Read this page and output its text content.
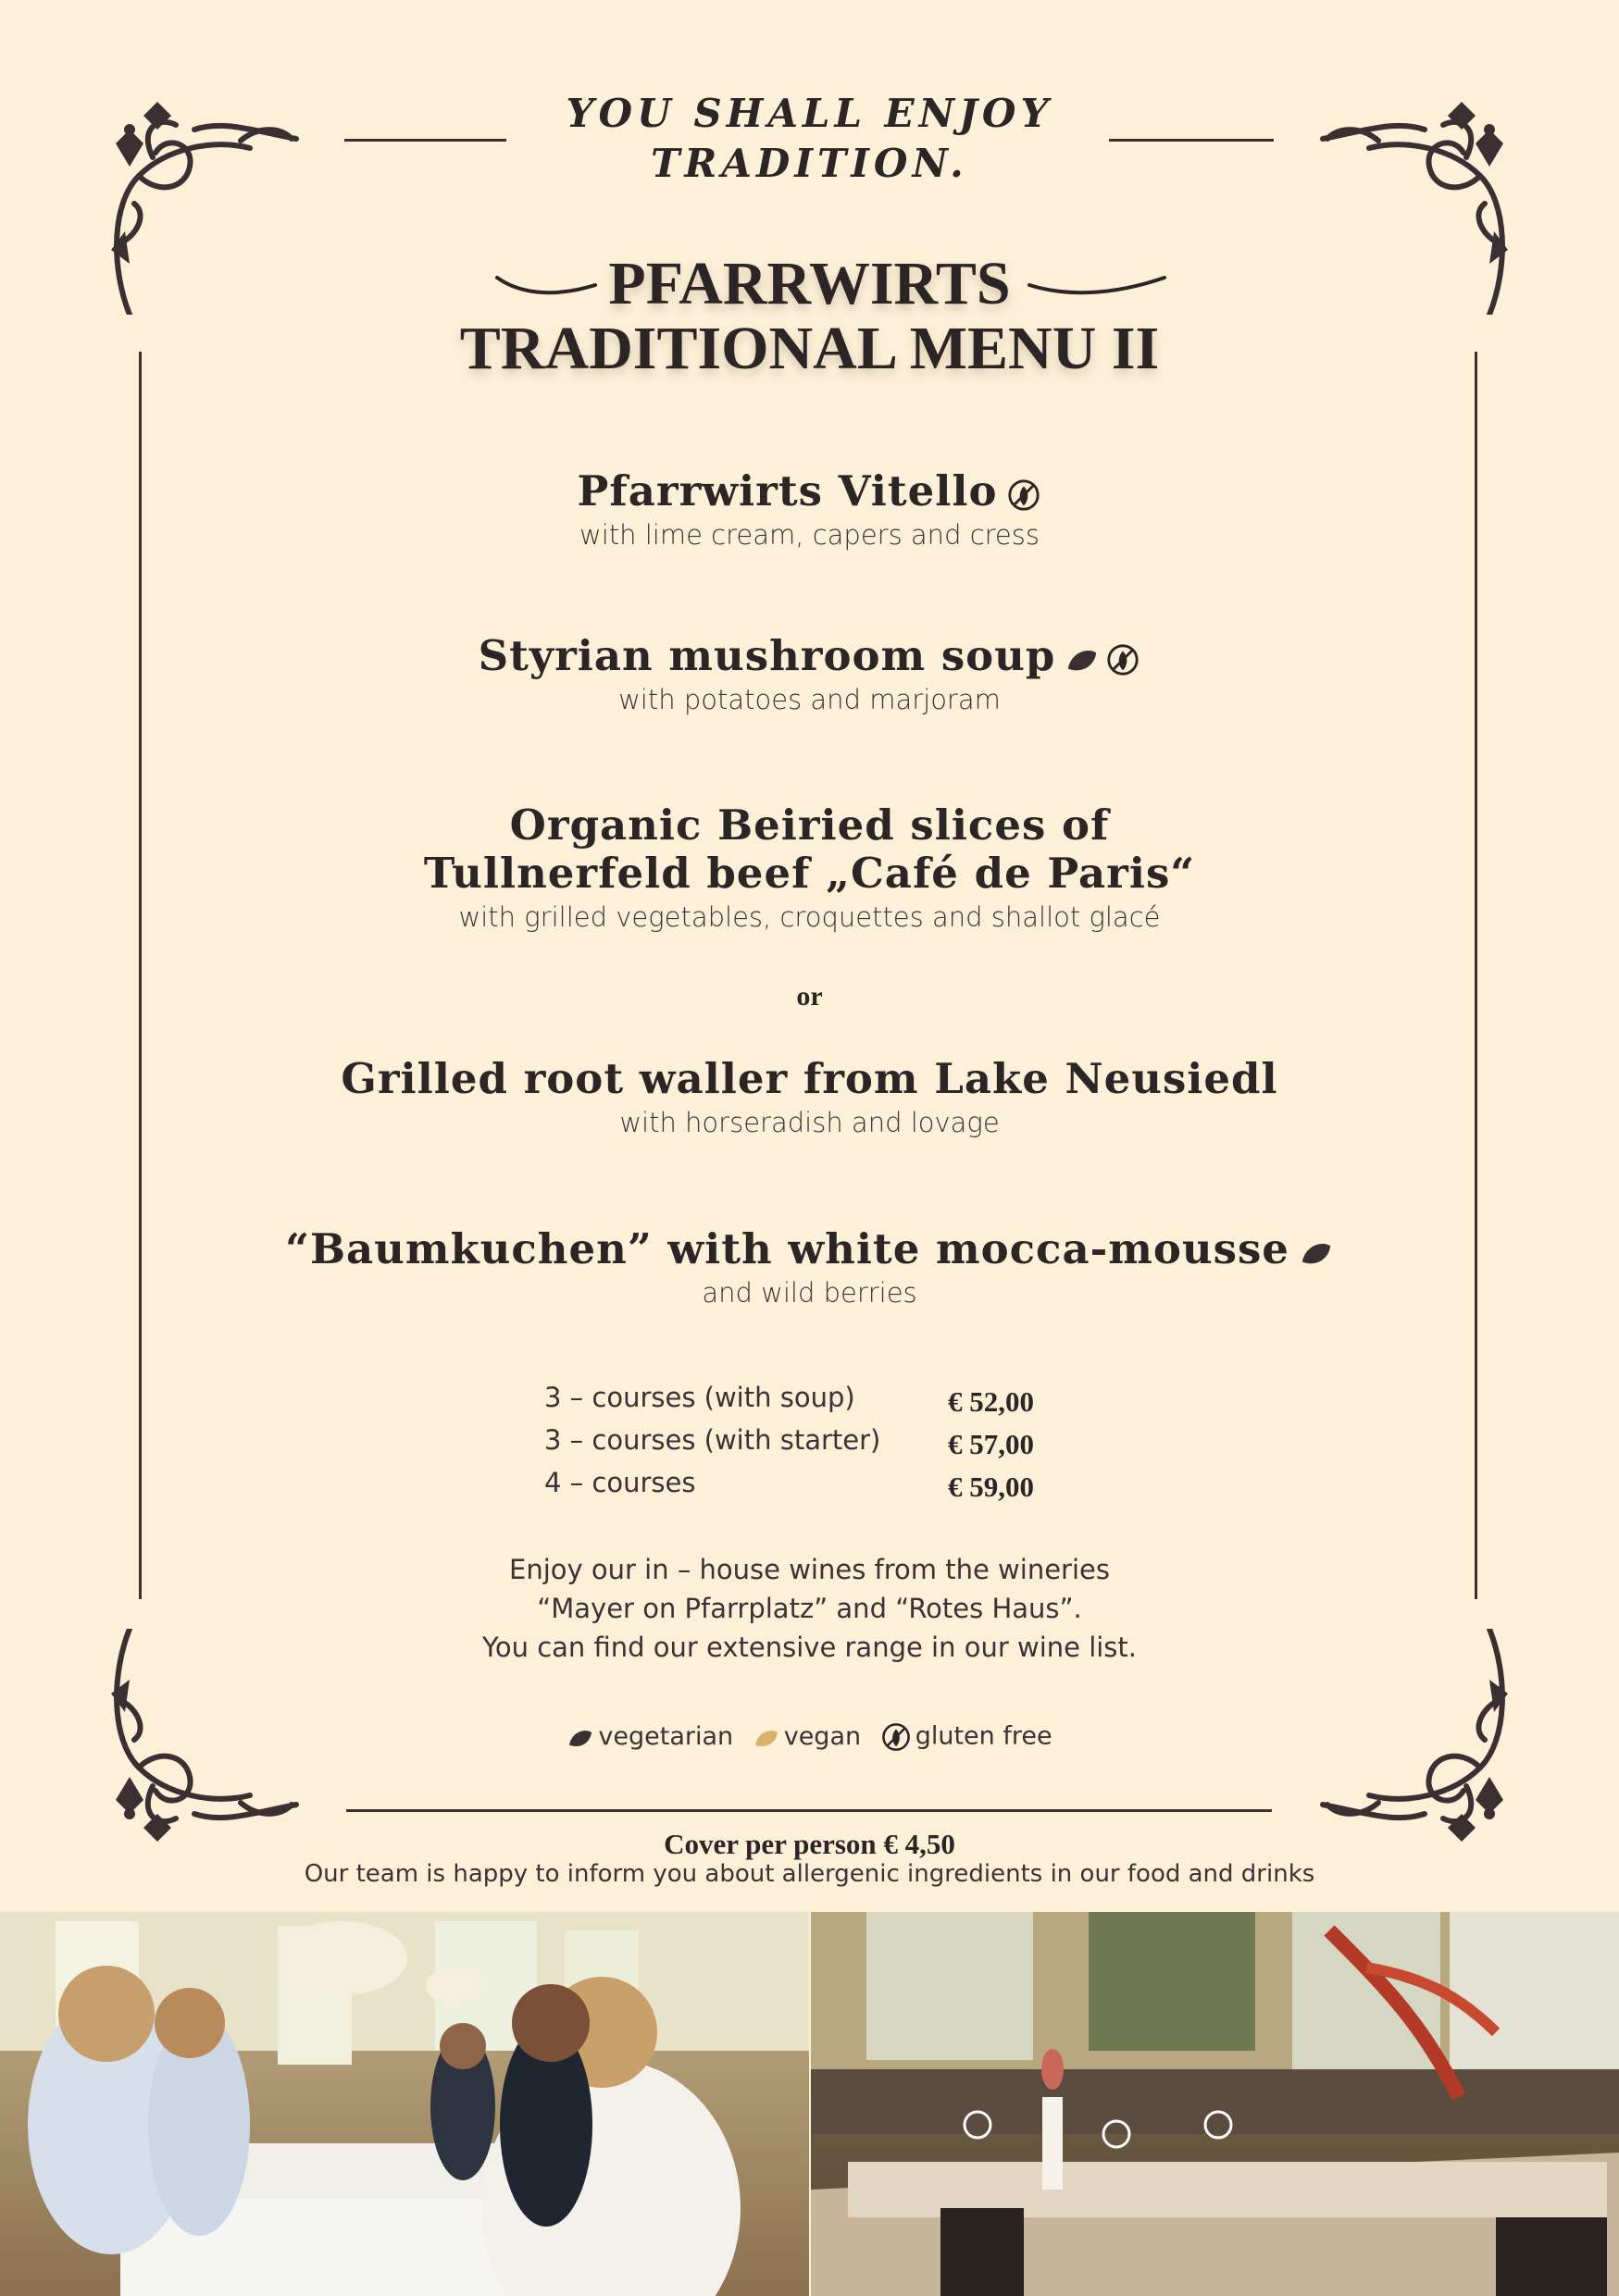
YOU SHALL ENJOY
TRADITION.
PFARRWIRTS
TRADITIONAL MENU II
Pfarrwirts Vitello
with lime cream, capers and cress
Styrian mushroom soup
with potatoes and marjoram
Organic Beiried slices of
Tullnerfeld beef „Café de Paris“
with grilled vegetables, croquettes and shallot glacé
or
Grilled root waller from Lake Neusiedl
with horseradish and lovage
“Baumkuchen” with white mocca-mousse
and wild berries
3 – courses (with soup)	€ 52,00
3 – courses (with starter) € 57,00
4 – courses	€ 59,00
Enjoy our in – house wines from the wineries
“Mayer on Pfarrplatz” and “Rotes Haus”.
You can find our extensive range in our wine list.
vegetarian vegan gluten free
Cover per person € 4,50
Our team is happy to inform you about allergenic ingredients in our food and drinks
